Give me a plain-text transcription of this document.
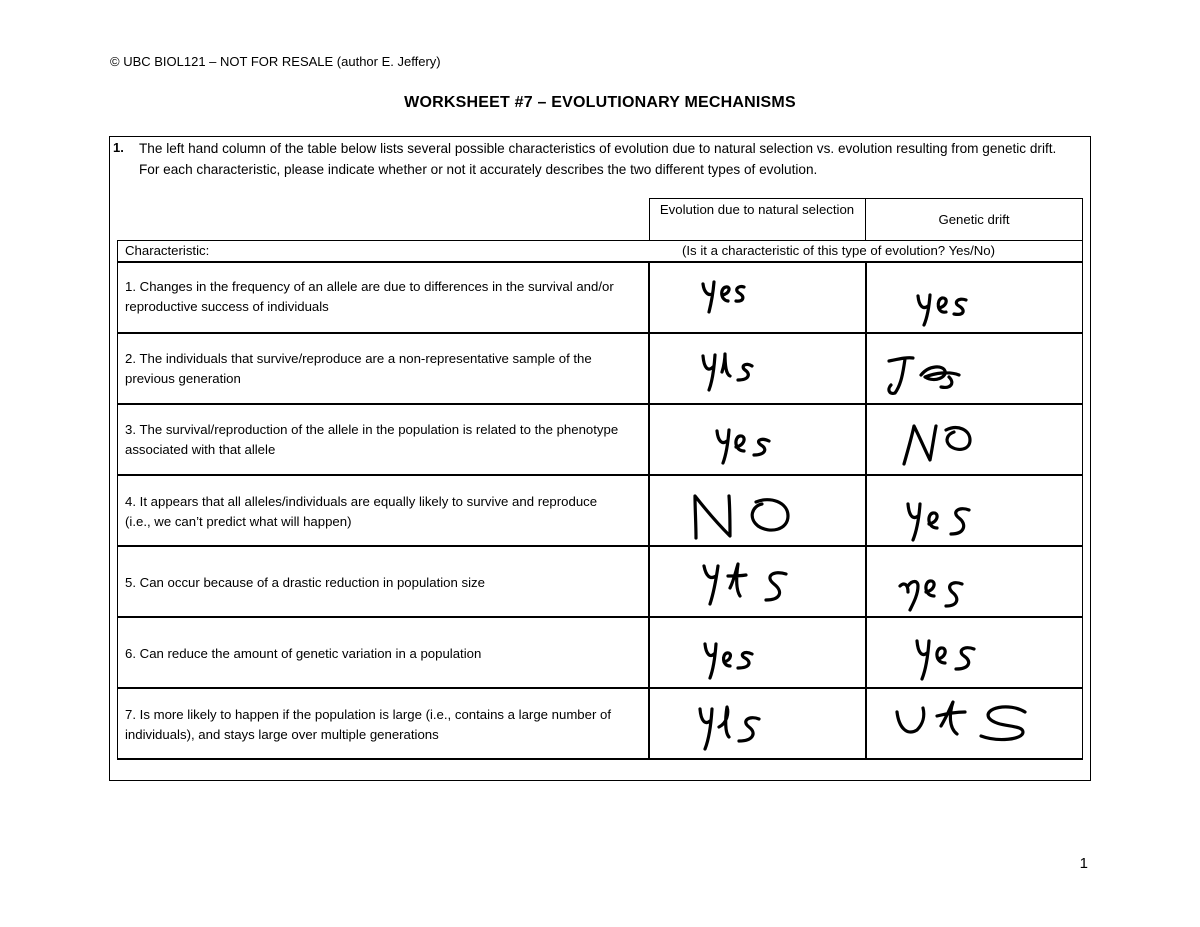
© UBC BIOL121 – NOT FOR RESALE (author E. Jeffery)
WORKSHEET #7 – EVOLUTIONARY MECHANISMS
1. The left hand column of the table below lists several possible characteristics of evolution due to natural selection vs. evolution resulting from genetic drift. For each characteristic, please indicate whether or not it accurately describes the two different types of evolution.
Evolution due to natural selection
Genetic drift
Characteristic:	(Is it a characteristic of this type of evolution? Yes/No)
1. Changes in the frequency of an allele are due to differences in the survival and/or reproductive success of individuals
2. The individuals that survive/reproduce are a non-representative sample of the previous generation
3. The survival/reproduction of the allele in the population is related to the phenotype associated with that allele
4. It appears that all alleles/individuals are equally likely to survive and reproduce (i.e., we can’t predict what will happen)
5. Can occur because of a drastic reduction in population size
6. Can reduce the amount of genetic variation in a population
7. Is more likely to happen if the population is large (i.e., contains a large number of individuals), and stays large over multiple generations
1
